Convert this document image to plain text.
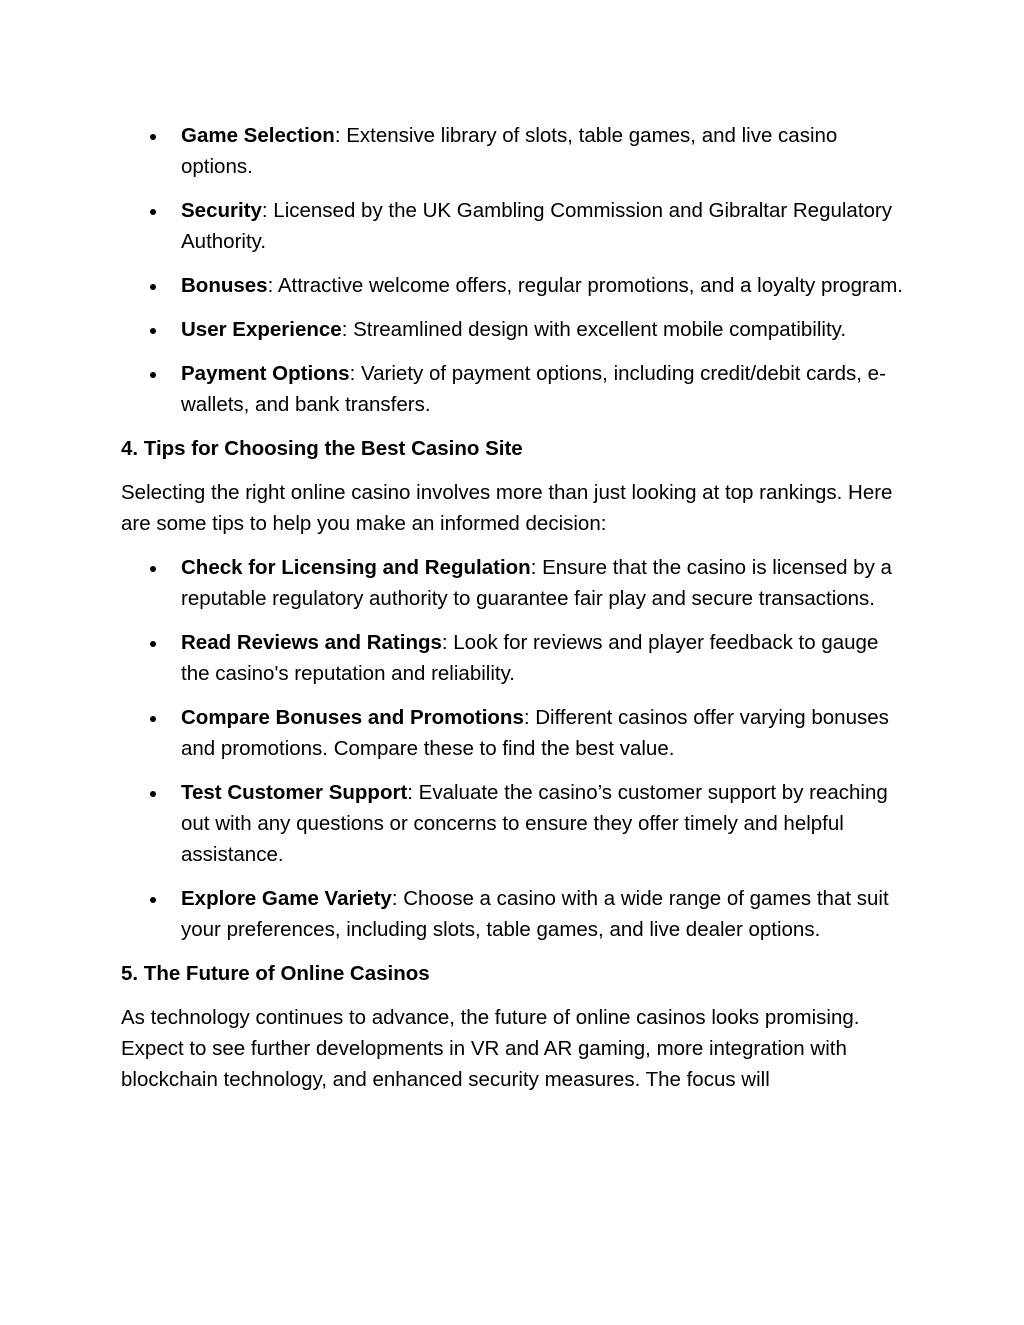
Game Selection: Extensive library of slots, table games, and live casino options.
Security: Licensed by the UK Gambling Commission and Gibraltar Regulatory Authority.
Bonuses: Attractive welcome offers, regular promotions, and a loyalty program.
User Experience: Streamlined design with excellent mobile compatibility.
Payment Options: Variety of payment options, including credit/debit cards, e-wallets, and bank transfers.
4. Tips for Choosing the Best Casino Site

Selecting the right online casino involves more than just looking at top rankings. Here are some tips to help you make an informed decision:

Check for Licensing and Regulation: Ensure that the casino is licensed by a reputable regulatory authority to guarantee fair play and secure transactions.
Read Reviews and Ratings: Look for reviews and player feedback to gauge the casino's reputation and reliability.
Compare Bonuses and Promotions: Different casinos offer varying bonuses and promotions. Compare these to find the best value.
Test Customer Support: Evaluate the casino’s customer support by reaching out with any questions or concerns to ensure they offer timely and helpful assistance.
Explore Game Variety: Choose a casino with a wide range of games that suit your preferences, including slots, table games, and live dealer options.
5. The Future of Online Casinos

As technology continues to advance, the future of online casinos looks promising. Expect to see further developments in VR and AR gaming, more integration with blockchain technology, and enhanced security measures. The focus will
